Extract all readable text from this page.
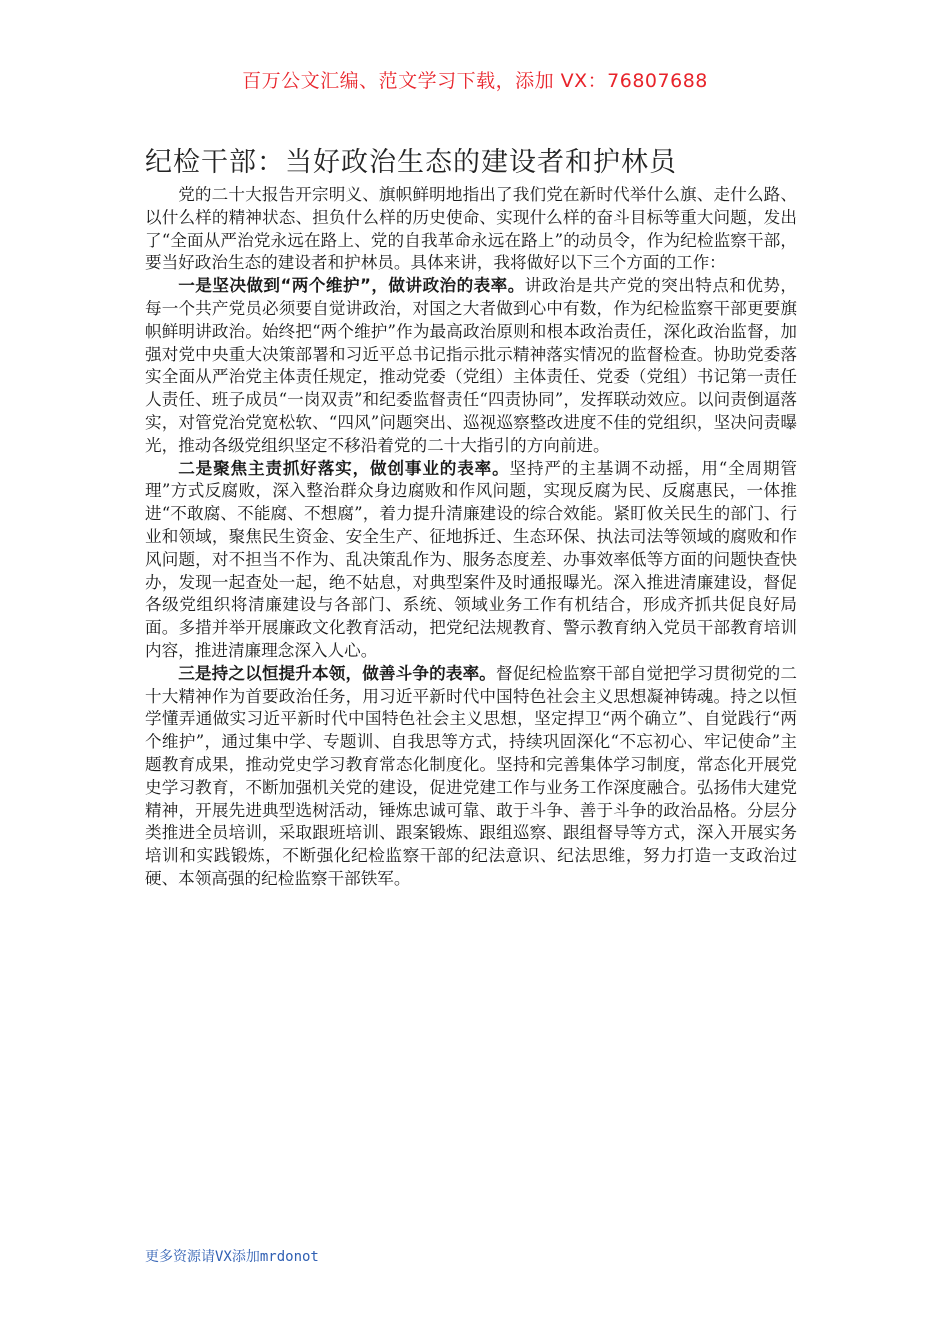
百万公文汇编、范文学习下载，添加 VX：76807688
纪检干部：当好政治生态的建设者和护林员

党的二十大报告开宗明义、旗帜鲜明地指出了我们党在新时代举什么旗、走什么路、以什么样的精神状态、担负什么样的历史使命、实现什么样的奋斗目标等重大问题，发出了“全面从严治党永远在路上、党的自我革命永远在路上”的动员令，作为纪检监察干部，要当好政治生态的建设者和护林员。具体来讲，我将做好以下三个方面的工作：

一是坚决做到“两个维护”，做讲政治的表率。讲政治是共产党的突出特点和优势，每一个共产党员必须要自觉讲政治，对国之大者做到心中有数，作为纪检监察干部更要旗帜鲜明讲政治。始终把“两个维护”作为最高政治原则和根本政治责任，深化政治监督，加强对党中央重大决策部署和习近平总书记指示批示精神落实情况的监督检查。协助党委落实全面从严治党主体责任规定，推动党委（党组）主体责任、党委（党组）书记第一责任人责任、班子成员“一岗双责”和纪委监督责任“四责协同”，发挥联动效应。以问责倒逼落实，对管党治党宽松软、“四风”问题突出、巡视巡察整改进度不佳的党组织，坚决问责曝光，推动各级党组织坚定不移沿着党的二十大指引的方向前进。

二是聚焦主责抓好落实，做创事业的表率。坚持严的主基调不动摇，用“全周期管理”方式反腐败，深入整治群众身边腐败和作风问题，实现反腐为民、反腐惠民，一体推进“不敢腐、不能腐、不想腐”，着力提升清廉建设的综合效能。紧盯攸关民生的部门、行业和领域，聚焦民生资金、安全生产、征地拆迁、生态环保、执法司法等领域的腐败和作风问题，对不担当不作为、乱决策乱作为、服务态度差、办事效率低等方面的问题快查快办，发现一起查处一起，绝不姑息，对典型案件及时通报曝光。深入推进清廉建设，督促各级党组织将清廉建设与各部门、系统、领域业务工作有机结合，形成齐抓共促良好局面。多措并举开展廉政文化教育活动，把党纪法规教育、警示教育纳入党员干部教育培训内容，推进清廉理念深入人心。

三是持之以恒提升本领，做善斗争的表率。督促纪检监察干部自觉把学习贯彻党的二十大精神作为首要政治任务，用习近平新时代中国特色社会主义思想凝神铸魂。持之以恒学懂弄通做实习近平新时代中国特色社会主义思想，坚定捍卫“两个确立”、自觉践行“两个维护”，通过集中学、专题训、自我思等方式，持续巩固深化“不忘初心、牢记使命”主题教育成果，推动党史学习教育常态化制度化。坚持和完善集体学习制度，常态化开展党史学习教育，不断加强机关党的建设，促进党建工作与业务工作深度融合。弘扬伟大建党精神，开展先进典型选树活动，锤炼忠诚可靠、敢于斗争、善于斗争的政治品格。分层分类推进全员培训，采取跟班培训、跟案锻炼、跟组巡察、跟组督导等方式，深入开展实务培训和实践锻炼，不断强化纪检监察干部的纪法意识、纪法思维，努力打造一支政治过硬、本领高强的纪检监察干部铁军。

更多资源请VX添加mrdonot
